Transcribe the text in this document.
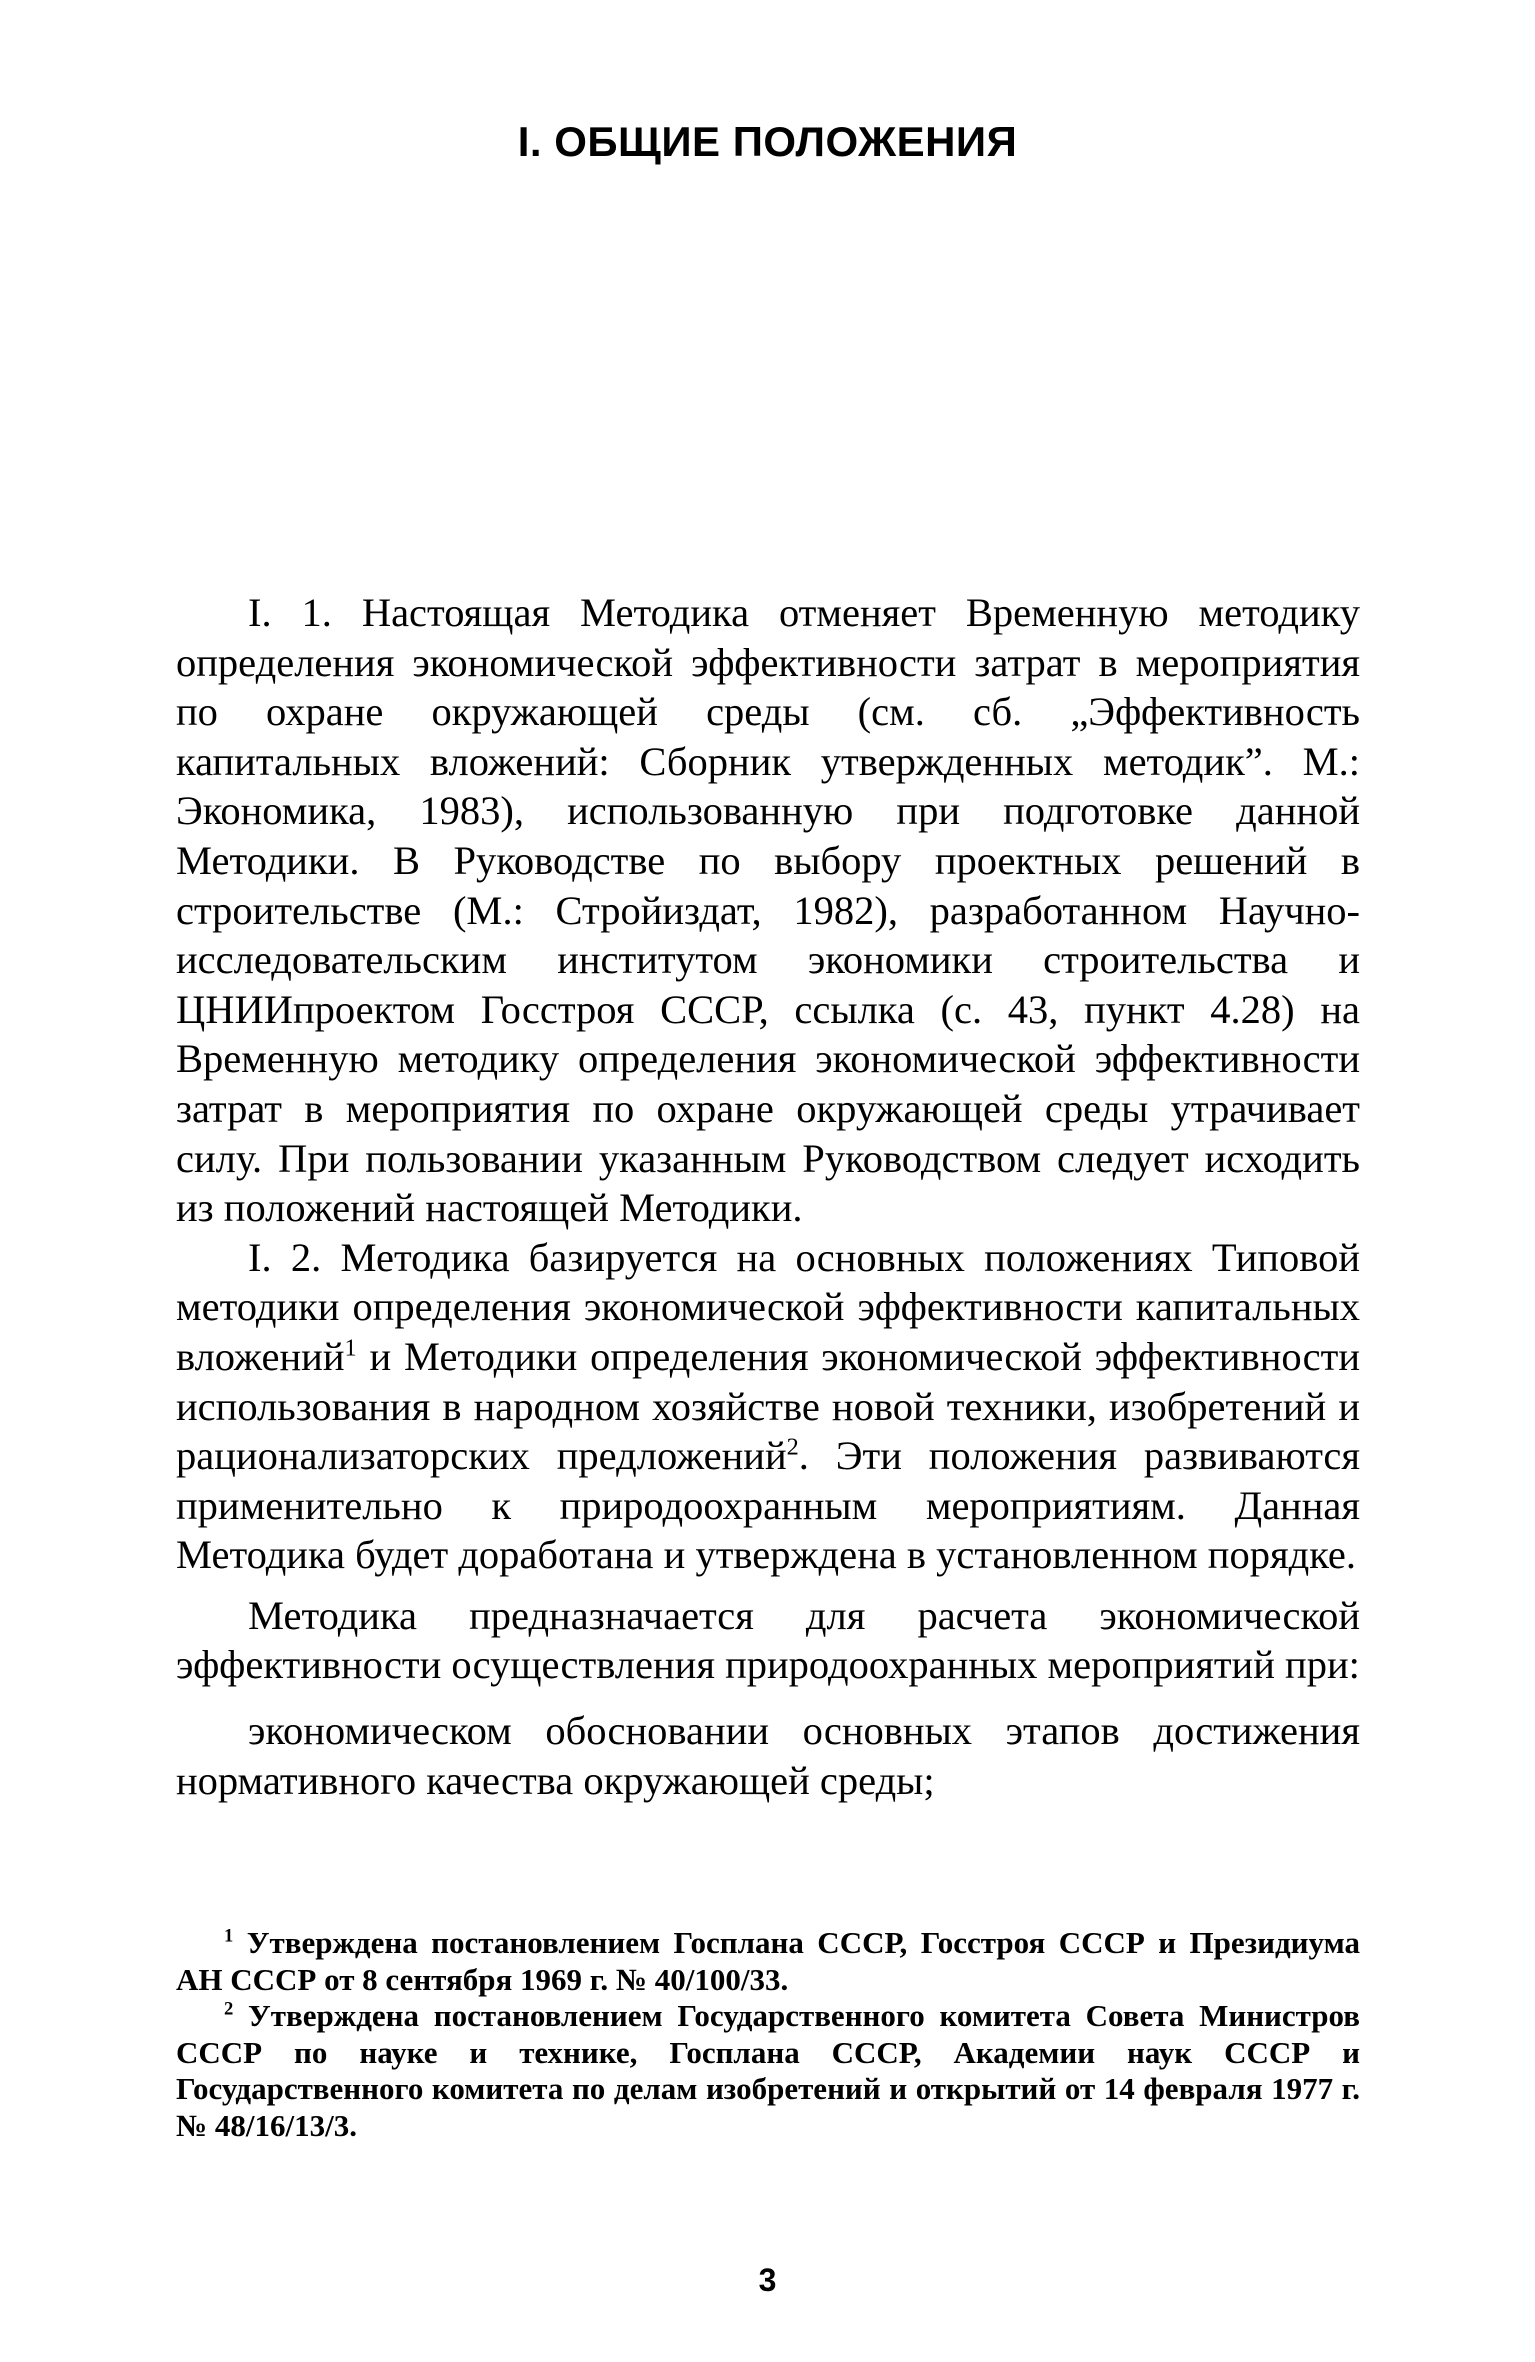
I. ОБЩИЕ ПОЛОЖЕНИЯ

I. 1. Настоящая Методика отменяет Временную методику определения экономической эффективности затрат в мероприятия по охране окружающей среды (см. сб. „Эффективность капитальных вложений: Сборник утвержденных методик”. М.: Экономика, 1983), использованную при подготовке данной Методики. В Руководстве по выбору проектных решений в строительстве (М.: Стройиздат, 1982), разработанном Научно-исследовательским институтом экономики строительства и ЦНИИпроектом Госстроя СССР, ссылка (с. 43, пункт 4.28) на Временную методику определения экономической эффективности затрат в мероприятия по охране окружающей среды утрачивает силу. При пользовании указанным Руководством следует исходить из положений настоящей Методики.

I. 2. Методика базируется на основных положениях Типовой методики определения экономической эффективности капитальных вложений$^1$ и Методики определения экономической эффективности использования в народном хозяйстве новой техники, изобретений и рационализаторских предложений$^2$. Эти положения развиваются применительно к природоохранным мероприятиям. Данная Методика будет доработана и утверждена в установленном порядке.

Методика предназначается для расчета экономической эффективности осуществления природоохранных мероприятий при:

экономическом обосновании основных этапов достижения нормативного качества окружающей среды;

$^1$ Утверждена постановлением Госплана СССР, Госстроя СССР и Президиума АН СССР от 8 сентября 1969 г. № 40/100/33.

$^2$ Утверждена постановлением Государственного комитета Совета Министров СССР по науке и технике, Госплана СССР, Академии наук СССР и Государственного комитета по делам изобретений и открытий от 14 февраля 1977 г. № 48/16/13/3.

3
